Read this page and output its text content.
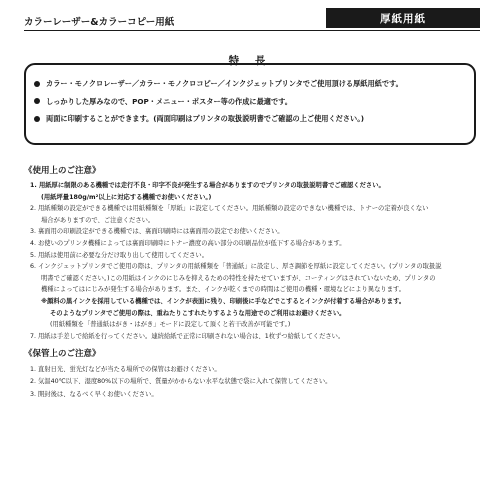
カラーレーザー&カラーコピー用紙	厚紙用紙
特 長
カラー・モノクロレーザー／カラー・モノクロコピー／インクジェットプリンタでご使用頂ける厚紙用紙です。
しっかりした厚みなので、POP・メニュー・ポスター等の作成に最適です。
両面に印刷することができます。(両面印刷はプリンタの取扱説明書でご確認の上ご使用ください。)
《使用上のご注意》
1. 用紙厚に制限のある機種では走行不良・印字不良が発生する場合がありますのでプリンタの取扱説明書でご確認ください。
(用紙坪量180g/m²以上に対応する機種でお使いください。)
2. 用紙種類の設定ができる機種では用紙種類を「厚紙」に設定してください。用紙種類の設定のできない機種では、トナーの定着が良くない
場合がありますので、ご注意ください。
3. 裏面用の印刷設定ができる機種では、裏面印刷時には裏面用の設定でお使いください。
4. お使いのプリンタ機種によっては裏面印刷時にトナー濃度の高い部分の印刷品位が低下する場合があります。
5. 用紙は使用前に必要な分だけ取り出して使用してください。
6. インクジェットプリンタでご使用の際は、プリンタの用紙種類を「普通紙」に設定し、厚さ調節を厚紙に設定してください。(プリンタの取扱説
明書でご確認ください。)この用紙はインクのにじみを抑えるための特性を持たせていますが、コーティングはされていないため、プリンタの
機種によってはにじみが発生する場合があります。また、インクが乾くまでの時間はご使用の機種・環境などにより異なります。
※顔料の黒インクを採用している機種では、インクが表面に残り、印刷後に手などでこするとインクが付着する場合があります。
そのようなプリンタでご使用の際は、重ねたりこすれたりするような用途でのご利用はお避けください。
(用紙種類を「普通紙はがき・はがき」モードに設定して頂くと若干改善が可能です。)
7. 用紙は手差しで給紙を行ってください。連続給紙で正常に印刷されない場合は、1枚ずつ給紙してください。
《保管上のご注意》
1. 直射日光、蛍光灯などが当たる場所での保管はお避けください。
2. 気温40℃以下、湿度80%以下の場所で、質量がかからない水平な状態で袋に入れて保管してください。
3. 開封後は、なるべく早くお使いください。
